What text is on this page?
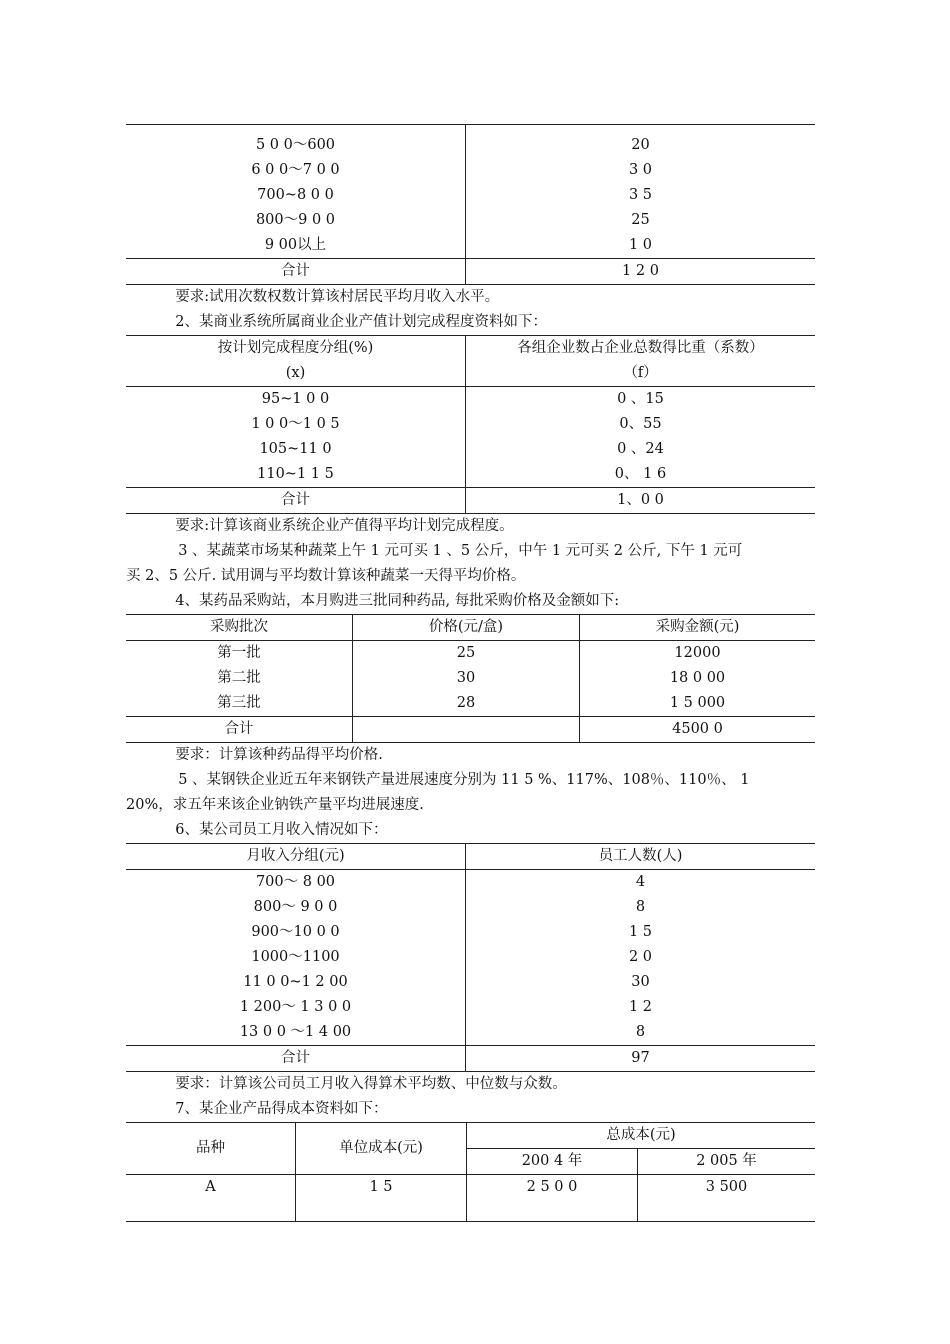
5 0 0～600	20
6 0 0～7 0 0	3 0
700~8 0 0	3 5
800～9 0 0	25
9 00以上	1 0
合计	1 2 0

要求:试用次数权数计算该村居民平均月收入水平。

2、某商业系统所属商业企业产值计划完成程度资料如下：

按计划完成程度分组(%)	各组企业数占企业总数得比重（系数）
(x)	（f）
95~1 0 0	0 、15
1 0 0～1 0 5	0、55
105~11 0	0 、24
110~1 1 5	0、 1 6
合计	1、0 0

要求:计算该商业系统企业产值得平均计划完成程度。

3 、某蔬菜市场某种蔬菜上午 1 元可买 1 、5 公斤，中午 1 元可买 2 公斤, 下午 1 元可

买 2、5 公斤. 试用调与平均数计算该种蔬菜一天得平均价格。

4、某药品采购站，本月购进三批同种药品, 每批采购价格及金额如下:

采购批次	价格(元/盒)	采购金额(元)
第一批	25	12000
第二批	30	18 0 00
第三批	28	1 5 000
合计		4500 0

要求：计算该种药品得平均价格.

5 、某钢铁企业近五年来钢铁产量进展速度分别为 11 5 %、117%、108％、110％、 1

20%，求五年来该企业钠铁产量平均进展速度.

6、某公司员工月收入情况如下：

月收入分组(元)	员工人数(人)
700～ 8 00	4
800～ 9 0 0	8
900～10 0 0	1 5
1000～1100	2 0
11 0 0~1 2 00	30
1 200～ 1 3 0 0	1 2
13 0 0 ～1 4 00	8
合计	97

要求：计算该公司员工月收入得算术平均数、中位数与众数。

7、某企业产品得成本资料如下：

品种	单位成本(元)	总成本(元)	
		200 4 年	2 005 年
A	1 5	2 5 0 0	3 500
